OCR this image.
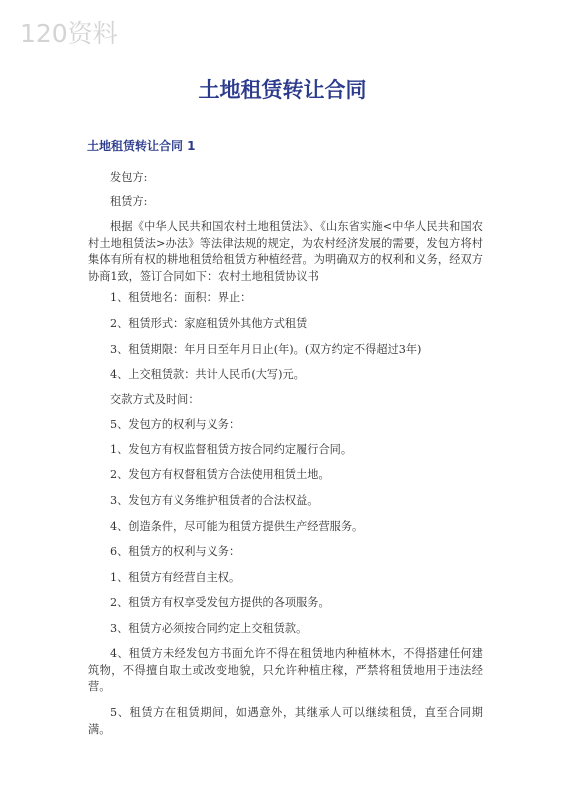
120资料
土地租赁转让合同
土地租赁转让合同 1
发包方:
租赁方:
根据《中华人民共和国农村土地租赁法》、《山东省实施<中华人民共和国农村土地租赁法>办法》等法律法规的规定，为农村经济发展的需要，发包方将村集体有所有权的耕地租赁给租赁方种植经营。为明确双方的权利和义务，经双方协商1致，签订合同如下：农村土地租赁协议书
1、租赁地名：面积：界止：
2、租赁形式：家庭租赁外其他方式租赁
3、租赁期限：年月日至年月日止(年)。(双方约定不得超过3年)
4、上交租赁款：共计人民币(大写)元。
交款方式及时间：
5、发包方的权利与义务：
1、发包方有权监督租赁方按合同约定履行合同。
2、发包方有权督租赁方合法使用租赁土地。
3、发包方有义务维护租赁者的合法权益。
4、创造条件，尽可能为租赁方提供生产经营服务。
6、租赁方的权利与义务：
1、租赁方有经营自主权。
2、租赁方有权享受发包方提供的各项服务。
3、租赁方必须按合同约定上交租赁款。
4、租赁方未经发包方书面允许不得在租赁地内种植林木，不得搭建任何建筑物，不得擅自取土或改变地貌，只允许种植庄稼，严禁将租赁地用于违法经营。
5、租赁方在租赁期间，如遇意外，其继承人可以继续租赁，直至合同期满。
